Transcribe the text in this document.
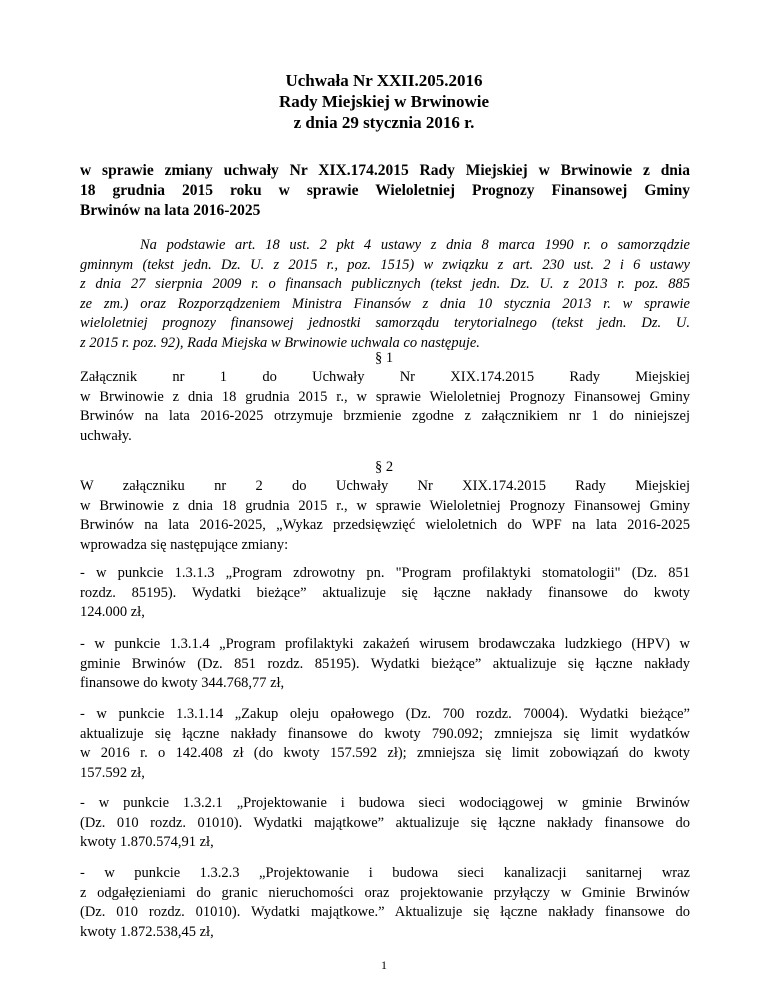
Uchwała Nr XXII.205.2016
Rady Miejskiej w Brwinowie
z dnia 29 stycznia 2016 r.
w sprawie zmiany uchwały Nr XIX.174.2015 Rady Miejskiej w Brwinowie z dnia
18 grudnia 2015 roku w sprawie Wieloletniej Prognozy Finansowej Gminy
Brwinów na lata 2016-2025
Na podstawie art. 18 ust. 2 pkt 4 ustawy z dnia 8 marca 1990 r. o samorządzie
gminnym (tekst jedn. Dz. U. z 2015 r., poz. 1515) w związku z art. 230 ust. 2 i 6 ustawy
z dnia 27 sierpnia 2009 r. o finansach publicznych (tekst jedn. Dz. U. z 2013 r. poz. 885
ze zm.) oraz Rozporządzeniem Ministra Finansów z dnia 10 stycznia 2013 r. w sprawie
wieloletniej prognozy finansowej jednostki samorządu terytorialnego (tekst jedn. Dz. U.
z 2015 r. poz. 92), Rada Miejska w Brwinowie uchwala co następuje.
§ 1
Załącznik nr 1 do Uchwały Nr XIX.174.2015 Rady Miejskiej
w Brwinowie z dnia 18 grudnia 2015 r., w sprawie Wieloletniej Prognozy Finansowej Gminy
Brwinów na lata 2016-2025 otrzymuje brzmienie zgodne z załącznikiem nr 1 do niniejszej
uchwały.
§ 2
W załączniku nr 2 do Uchwały Nr XIX.174.2015 Rady Miejskiej
w Brwinowie z dnia 18 grudnia 2015 r., w sprawie Wieloletniej Prognozy Finansowej Gminy
Brwinów na lata 2016-2025, „Wykaz przedsięwzięć wieloletnich do WPF na lata 2016-2025
wprowadza się następujące zmiany:
- w punkcie 1.3.1.3 „Program zdrowotny pn. "Program profilaktyki stomatologii" (Dz. 851
rozdz. 85195). Wydatki bieżące” aktualizuje się łączne nakłady finansowe do kwoty
124.000 zł,
- w punkcie 1.3.1.4 „Program profilaktyki zakażeń wirusem brodawczaka ludzkiego (HPV) w
gminie Brwinów (Dz. 851 rozdz. 85195). Wydatki bieżące” aktualizuje się łączne nakłady
finansowe do kwoty 344.768,77 zł,
- w punkcie 1.3.1.14 „Zakup oleju opałowego (Dz. 700 rozdz. 70004). Wydatki bieżące”
aktualizuje się łączne nakłady finansowe do kwoty 790.092; zmniejsza się limit wydatków
w 2016 r. o 142.408 zł (do kwoty 157.592 zł); zmniejsza się limit zobowiązań do kwoty
157.592 zł,
- w punkcie 1.3.2.1 „Projektowanie i budowa sieci wodociągowej w gminie Brwinów
(Dz. 010 rozdz. 01010). Wydatki majątkowe” aktualizuje się łączne nakłady finansowe do
kwoty 1.870.574,91 zł,
- w punkcie 1.3.2.3 „Projektowanie i budowa sieci kanalizacji sanitarnej wraz
z odgałęzieniami do granic nieruchomości oraz projektowanie przyłączy w Gminie Brwinów
(Dz. 010 rozdz. 01010). Wydatki majątkowe.” Aktualizuje się łączne nakłady finansowe do
kwoty 1.872.538,45 zł,
1
